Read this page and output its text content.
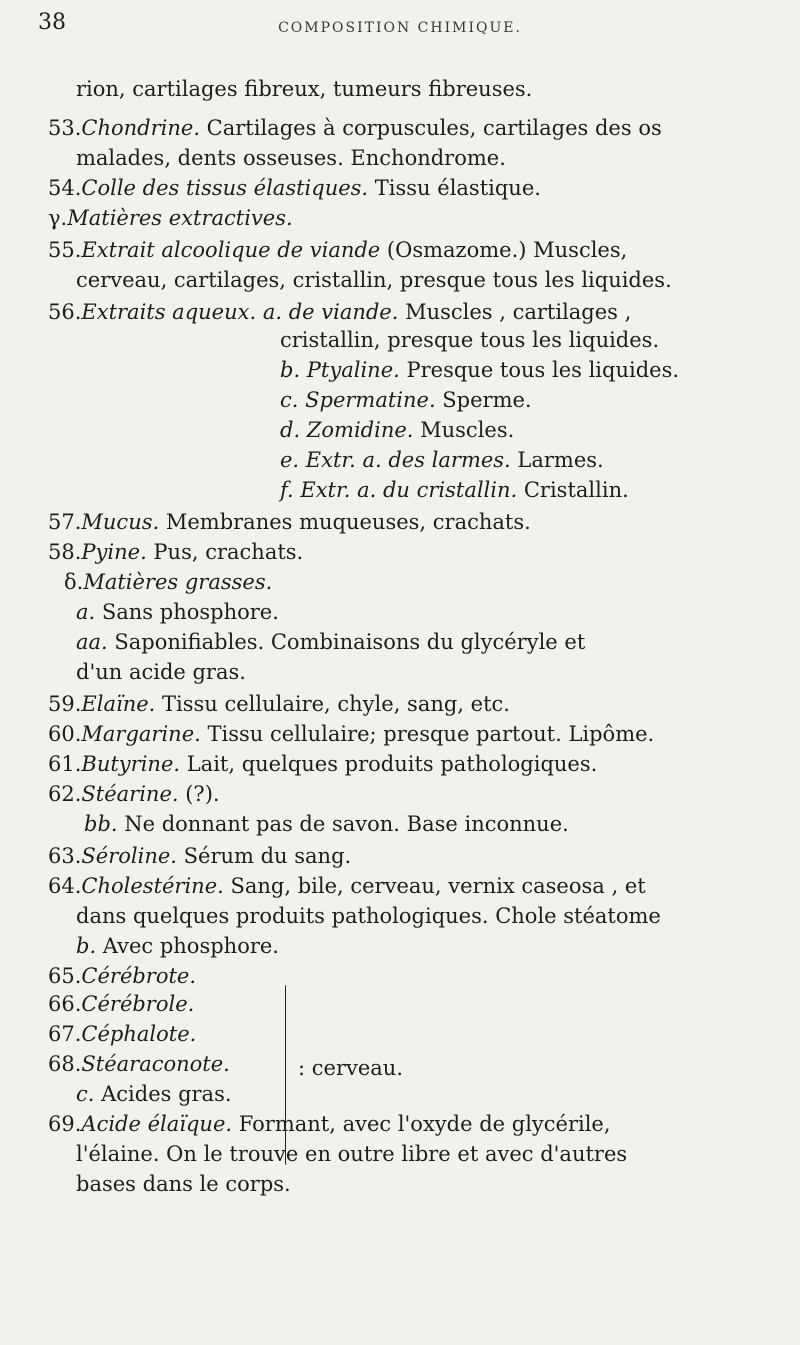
38	COMPOSITION CHIMIQUE.
rion, cartilages fibreux, tumeurs fibreuses.
53.Chondrine. Cartilages à corpuscules, cartilages des os
malades, dents osseuses. Enchondrome.
54.Colle des tissus élastiques. Tissu élastique.
γ.Matières extractives.
55.Extrait alcoolique de viande (Osmazome.) Muscles,
cerveau, cartilages, cristallin, presque tous les liquides.
56.Extraits aqueux. a. de viande. Muscles , cartilages ,
cristallin, presque tous les liquides.
b. Ptyaline. Presque tous les liquides.
c. Spermatine. Sperme.
d. Zomidine. Muscles.
e. Extr. a. des larmes. Larmes.
f. Extr. a. du cristallin. Cristallin.
57.Mucus. Membranes muqueuses, crachats.
58.Pyine. Pus, crachats.
δ.Matières grasses.
a. Sans phosphore.
aa. Saponifiables. Combinaisons du glycéryle et
d'un acide gras.
59.Elaïne. Tissu cellulaire, chyle, sang, etc.
60.Margarine. Tissu cellulaire; presque partout. Lipôme.
61.Butyrine. Lait, quelques produits pathologiques.
62.Stéarine. (?).
bb. Ne donnant pas de savon. Base inconnue.
63.Séroline. Sérum du sang.
64.Cholestérine. Sang, bile, cerveau, vernix caseosa , et
dans quelques produits pathologiques. Chole stéatome
b. Avec phosphore.
65.Cérébrote.
66.Cérébrole.
67.Céphalote.
68.Stéaraconote.
c. Acides gras.
69.Acide élaïque. Formant, avec l'oxyde de glycérile,
l'élaine. On le trouve en outre libre et avec d'autres
bases dans le corps.
: cerveau.
